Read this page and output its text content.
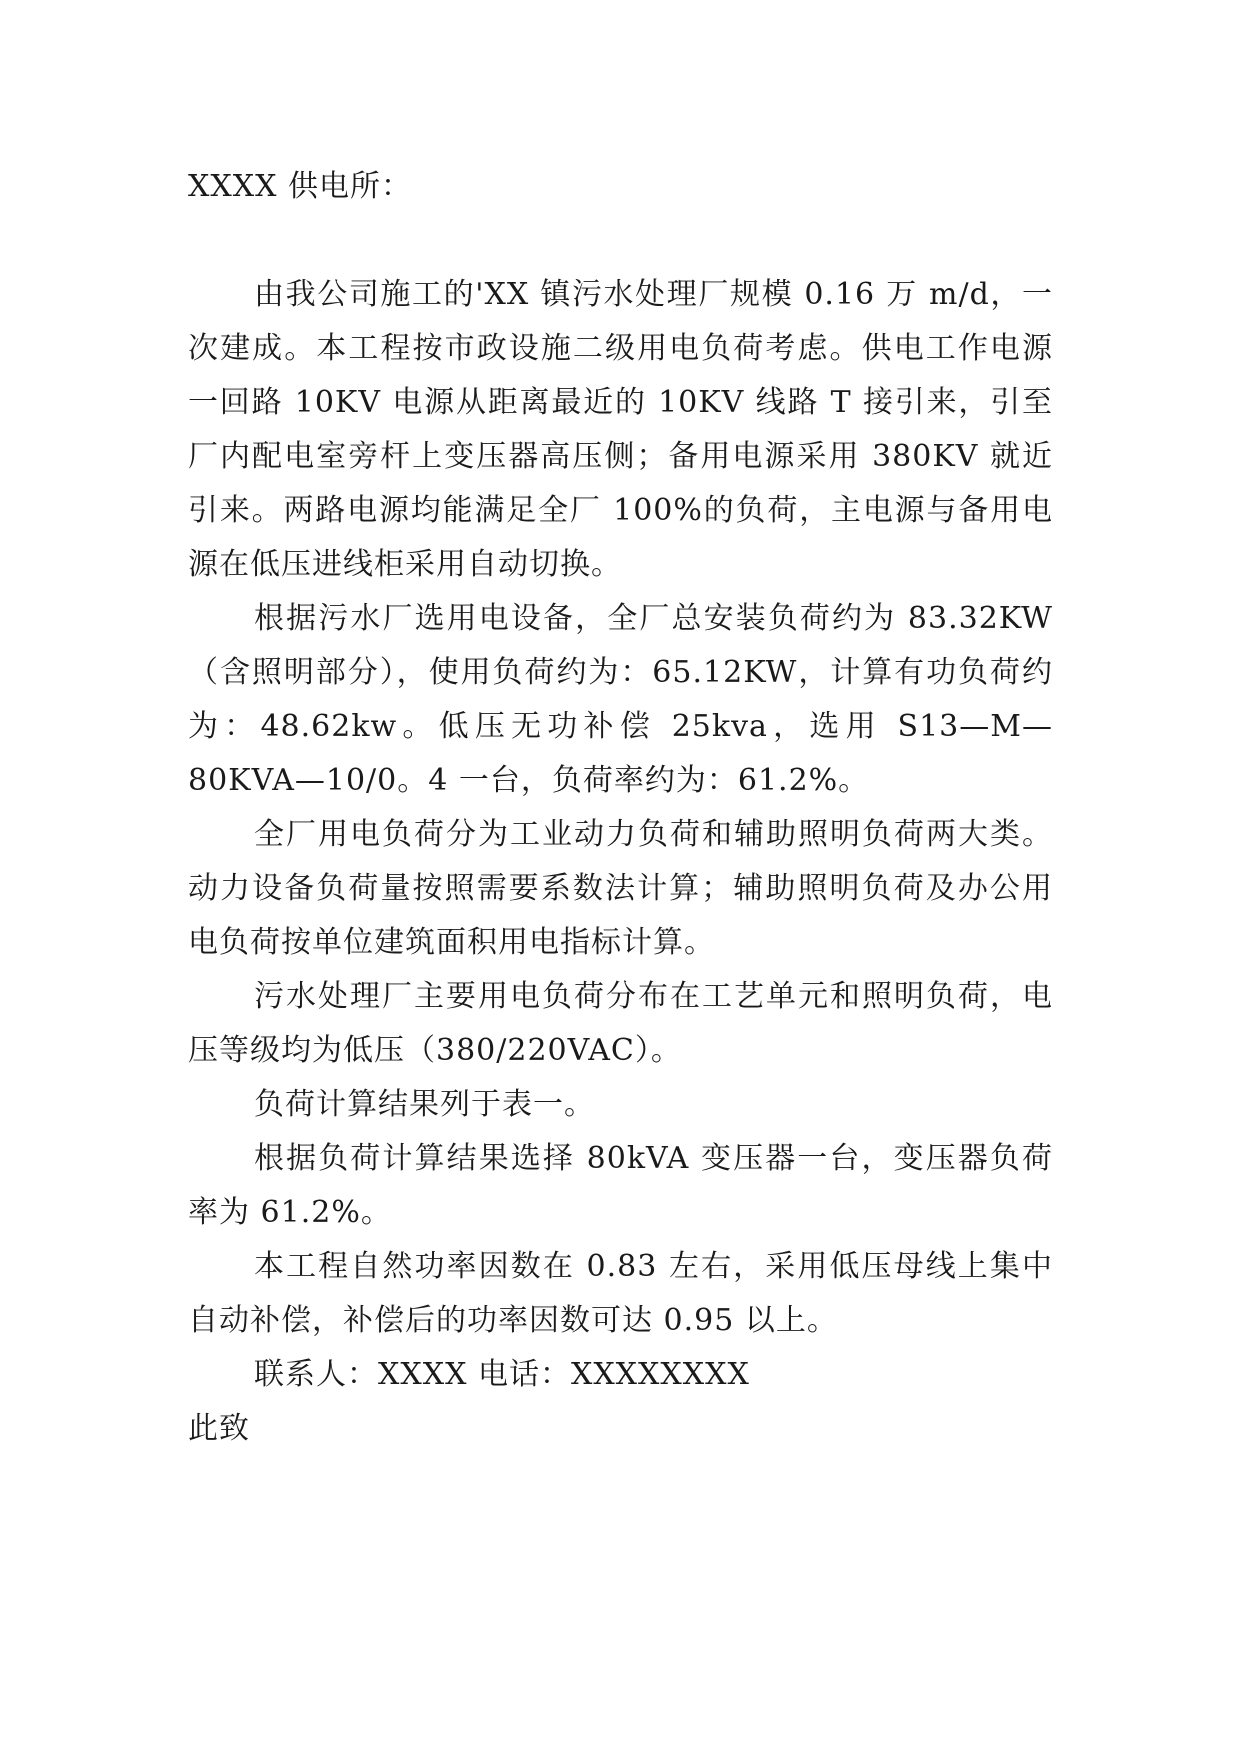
XXXX 供电所：

由我公司施工的'XX 镇污水处理厂规模 0.16 万 m/d，一次建成。本工程按市政设施二级用电负荷考虑。供电工作电源一回路 10KV 电源从距离最近的 10KV 线路 T 接引来，引至厂内配电室旁杆上变压器高压侧；备用电源采用 380KV 就近引来。两路电源均能满足全厂 100%的负荷，主电源与备用电源在低压进线柜采用自动切换。

根据污水厂选用电设备，全厂总安装负荷约为 83.32KW（含照明部分），使用负荷约为：65.12KW，计算有功负荷约为：48.62kw。低压无功补偿 25kva，选用 S13—M—80KVA—10/0。4 一台，负荷率约为：61.2%。

全厂用电负荷分为工业动力负荷和辅助照明负荷两大类。动力设备负荷量按照需要系数法计算；辅助照明负荷及办公用电负荷按单位建筑面积用电指标计算。

污水处理厂主要用电负荷分布在工艺单元和照明负荷，电压等级均为低压（380/220VAC）。

负荷计算结果列于表一。

根据负荷计算结果选择 80kVA 变压器一台，变压器负荷率为 61.2%。

本工程自然功率因数在 0.83 左右，采用低压母线上集中自动补偿，补偿后的功率因数可达 0.95 以上。

联系人：XXXX 电话：XXXXXXXX

此致
